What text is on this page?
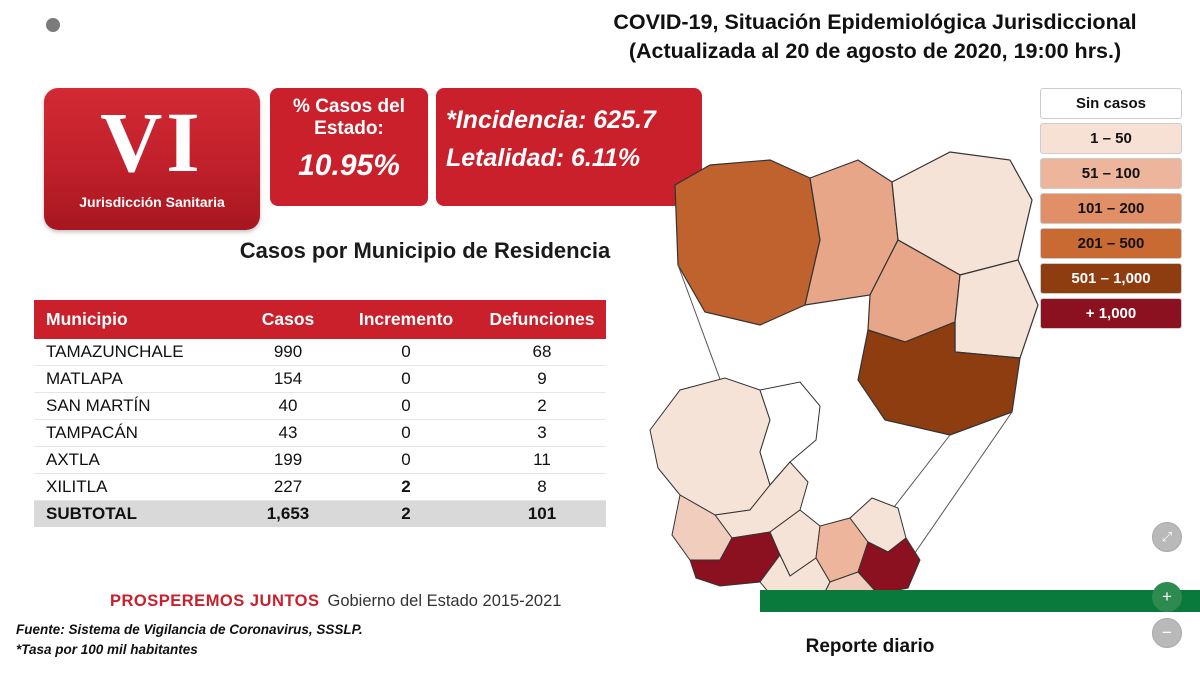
SLP
PROSPEREMOS JUNTOS
Gobierno del Estado 2015-2021
COVID-19, Situación Epidemiológica Jurisdiccional
(Actualizada al 20 de agosto de 2020, 19:00 hrs.)
VI
Jurisdicción Sanitaria
% Casos del Estado:
10.95%
*Incidencia: 625.7
Letalidad: 6.11%
Casos por Municipio de Residencia
Municipio	Casos	Incremento	Defunciones
TAMAZUNCHALE	990	0	68
MATLAPA	154	0	9
SAN MARTÍN	40	0	2
TAMPACÁN	43	0	3
AXTLA	199	0	11
XILITLA	227	2	8
SUBTOTAL	1,653	2	101
Sin casos
1 – 50
51 – 100
101 – 200
201 – 500
501 – 1,000
+ 1,000
PROSPEREMOS JUNTOS Gobierno del Estado 2015-2021
Fuente: Sistema de Vigilancia de Coronavirus, SSSLP.
*Tasa por 100 mil habitantes	Reporte diario
⤢
+
−
